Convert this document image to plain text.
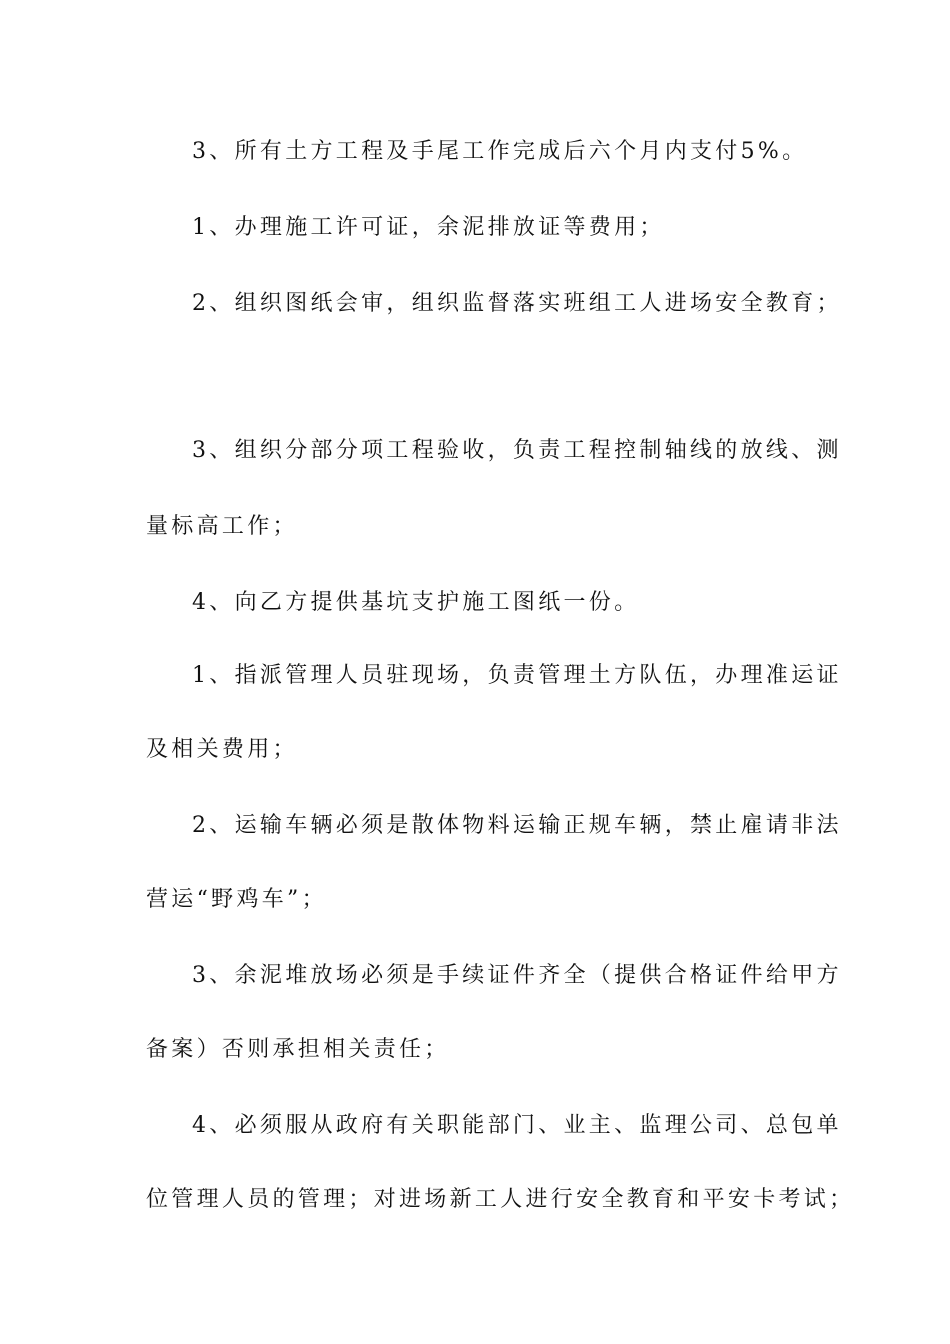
3、所有土方工程及手尾工作完成后六个月内支付5%。
1、办理施工许可证，余泥排放证等费用；
2、组织图纸会审，组织监督落实班组工人进场安全教育；
3、组织分部分项工程验收，负责工程控制轴线的放线、测
量标高工作；
4、向乙方提供基坑支护施工图纸一份。
1、指派管理人员驻现场，负责管理土方队伍，办理准运证
及相关费用；
2、运输车辆必须是散体物料运输正规车辆，禁止雇请非法
营运“野鸡车”；
3、余泥堆放场必须是手续证件齐全（提供合格证件给甲方
备案）否则承担相关责任；
4、必须服从政府有关职能部门、业主、监理公司、总包单
位管理人员的管理；对进场新工人进行安全教育和平安卡考试；
